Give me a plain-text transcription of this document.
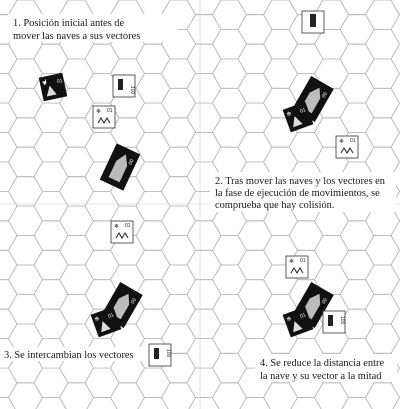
1. Posición inicial antes de
mover las naves a sus vectores
01
100
❄ 01
00
00
01
❄
❄ 01
2. Tras mover las naves y los vectores en
la fase de ejecución de movimientos, se
comprueba que hay colisión.
❄ 01
00
01
❄
100
3. Se intercambian los vectores
❄ 01
00
01
❄	100
4. Se reduce la distancia entre
la nave y su vector a la mitad
